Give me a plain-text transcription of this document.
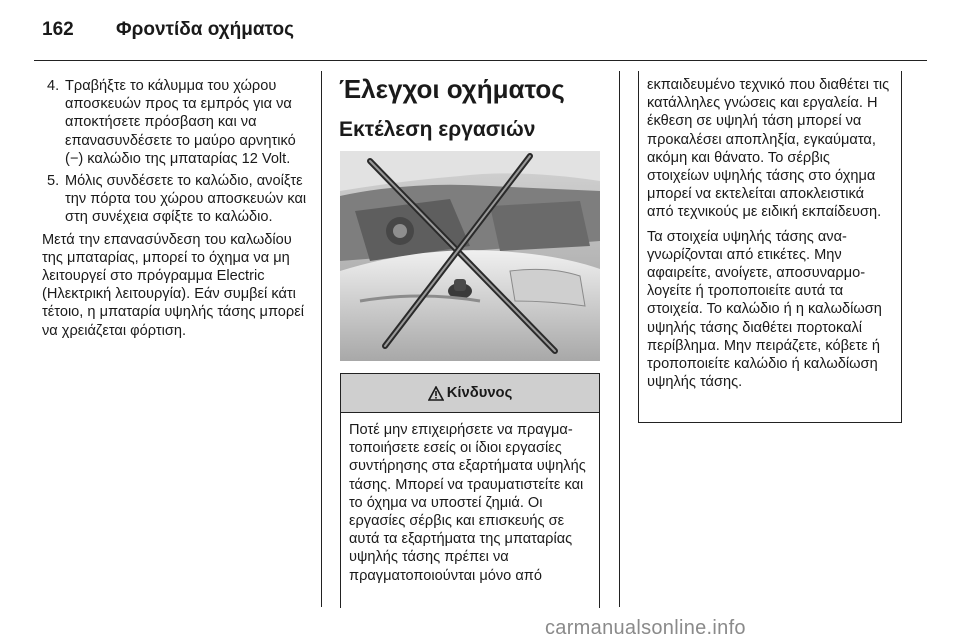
162 Φροντίδα οχήματος
4. Τραβήξτε το κάλυμμα του χώρου αποσκευών προς τα εμπρός για να αποκτήσετε πρόσβαση και να επανασυνδέσετε το μαύρο αρνητικό (−) καλώδιο της μπαταρίας 12 Volt.
5. Μόλις συνδέσετε το καλώδιο, ανοίξτε την πόρτα του χώρου αποσκευών και στη συνέχεια σφίξτε το καλώδιο.

Μετά την επανασύνδεση του καλωδίου της μπαταρίας, μπορεί το όχημα να μη λειτουργεί στο πρόγραμμα Electric (Ηλεκτρική λειτουργία). Εάν συμβεί κάτι τέτοιο, η μπαταρία υψηλής τάσης μπορεί να χρειάζεται φόρτιση.

Έλεγχοι οχήματος
Εκτέλεση εργασιών
Κίνδυνος
Ποτέ μην επιχειρήσετε να πραγματοποιήσετε εσείς οι ίδιοι εργασίες συντήρησης στα εξαρτήματα υψηλής τάσης. Μπορεί να τραυματιστείτε και το όχημα να υποστεί ζημιά. Οι εργασίες σέρβις και επισκευής σε αυτά τα εξαρτήματα της μπαταρίας υψηλής τάσης πρέπει να πραγματοποιούνται μόνο από

εκπαιδευμένο τεχνικό που διαθέτει τις κατάλληλες γνώσεις και εργαλεία. Η έκθεση σε υψηλή τάση μπορεί να προκαλέσει αποπληξία, εγκαύματα, ακόμη και θάνατο. Το σέρβις στοιχείων υψηλής τάσης στο όχημα μπορεί να εκτελείται αποκλειστικά από τεχνικούς με ειδική εκπαίδευση.

Τα στοιχεία υψηλής τάσης αναγνωρίζονται από ετικέτες. Μην αφαιρείτε, ανοίγετε, αποσυναρμολογείτε ή τροποποιείτε αυτά τα στοιχεία. Το καλώδιο ή η καλωδίωση υψηλής τάσης διαθέτει πορτοκαλί περίβλημα. Μην πειράζετε, κόβετε ή τροποποιείτε καλώδιο ή καλωδίωση υψηλής τάσης.

carmanualsonline.info
